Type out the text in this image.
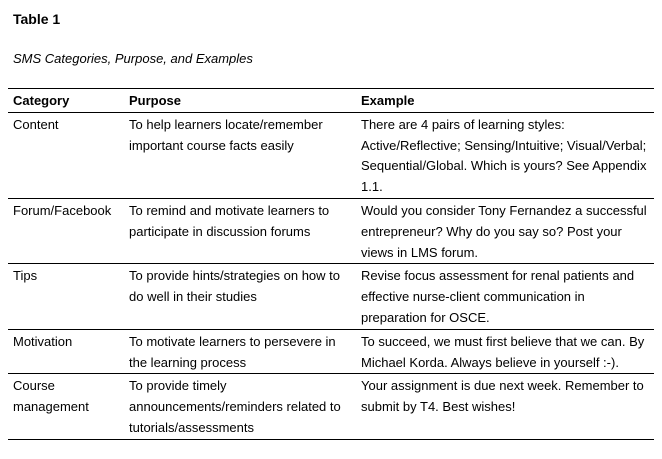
Table 1
SMS Categories, Purpose, and Examples
Category	Purpose	Example
Content	To help learners locate/remember important course facts easily	There are 4 pairs of learning styles: Active/Reflective; Sensing/Intuitive; Visual/Verbal; Sequential/Global. Which is yours? See Appendix 1.1.
Forum/Facebook	To remind and motivate learners to participate in discussion forums	Would you consider Tony Fernandez a successful entrepreneur? Why do you say so? Post your views in LMS forum.
Tips	To provide hints/strategies on how to do well in their studies	Revise focus assessment for renal patients and effective nurse-client communication in preparation for OSCE.
Motivation	To motivate learners to persevere in the learning process	To succeed, we must first believe that we can. By Michael Korda. Always believe in yourself :-).
Course management	To provide timely announcements/reminders related to tutorials/assessments	Your assignment is due next week. Remember to submit by T4. Best wishes!
